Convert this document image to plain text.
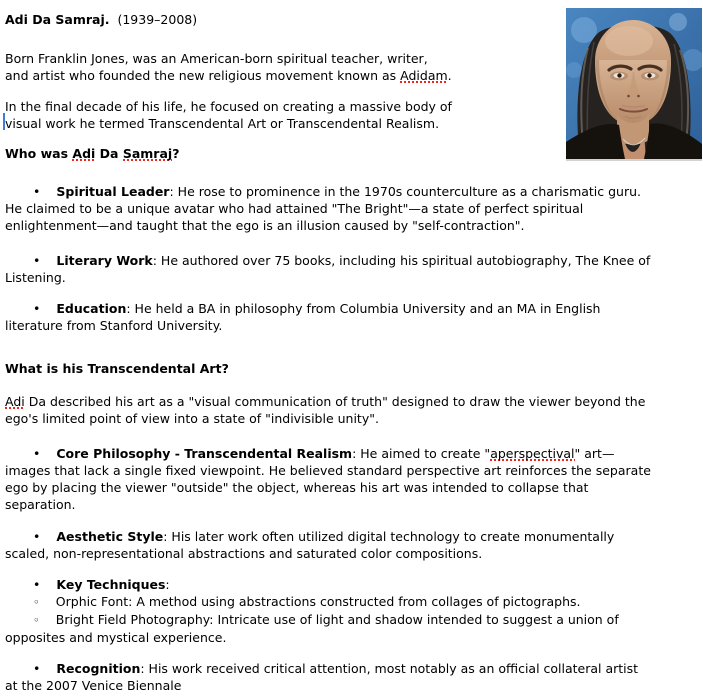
Adi Da Samraj.  (1939–2008)

Born Franklin Jones, was an American-born spiritual teacher, writer,
and artist who founded the new religious movement known as Adidam.

In the final decade of his life, he focused on creating a massive body of
visual work he termed Transcendental Art or Transcendental Realism.

Who was Adi Da Samraj?

• Spiritual Leader: He rose to prominence in the 1970s counterculture as a charismatic guru.
He claimed to be a unique avatar who had attained "The Bright"—a state of perfect spiritual
enlightenment—and taught that the ego is an illusion caused by "self-contraction".

• Literary Work: He authored over 75 books, including his spiritual autobiography, The Knee of
Listening.

• Education: He held a BA in philosophy from Columbia University and an MA in English
literature from Stanford University.

What is his Transcendental Art?

Adi Da described his art as a "visual communication of truth" designed to draw the viewer beyond the
ego's limited point of view into a state of "indivisible unity".

• Core Philosophy - Transcendental Realism: He aimed to create "aperspectival" art—
images that lack a single fixed viewpoint. He believed standard perspective art reinforces the separate
ego by placing the viewer "outside" the object, whereas his art was intended to collapse that
separation.

• Aesthetic Style: His later work often utilized digital technology to create monumentally
scaled, non-representational abstractions and saturated color compositions.

• Key Techniques:

◦ Orphic Font: A method using abstractions constructed from collages of pictographs.

◦ Bright Field Photography: Intricate use of light and shadow intended to suggest a union of
opposites and mystical experience.

• Recognition: His work received critical attention, most notably as an official collateral artist
at the 2007 Venice Biennale
